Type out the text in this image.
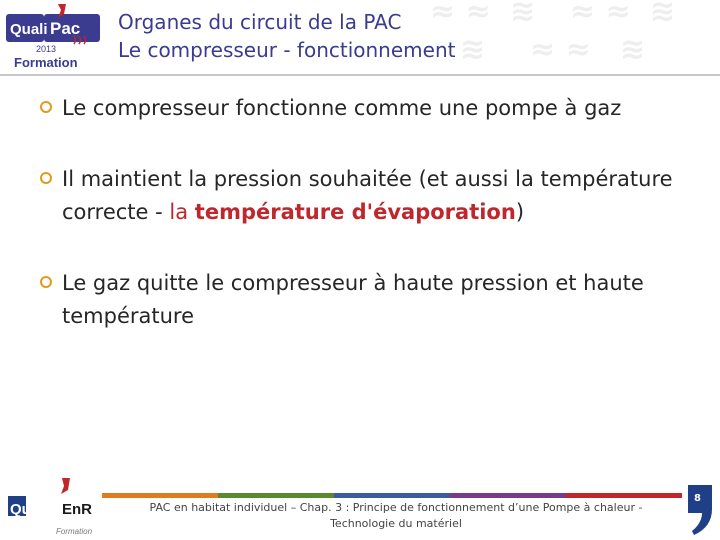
≈ ≈ ≋ ≈ ≈ ≋
≋ ≈ ≈ ≋
Quali Pac
2013
Formation
Organes du circuit de la PAC
Le compresseur - fonctionnement
Le compresseur fonctionne comme une pompe à gaz
Il maintient la pression souhaitée (et aussi la température correcte - la température d'évaporation)
Le gaz quitte le compresseur à haute pression et haute température
Qualit EnR
Formation
PAC en habitat individuel – Chap. 3 : Principe de fonctionnement d’une Pompe à chaleur -
Technologie du matériel
8
